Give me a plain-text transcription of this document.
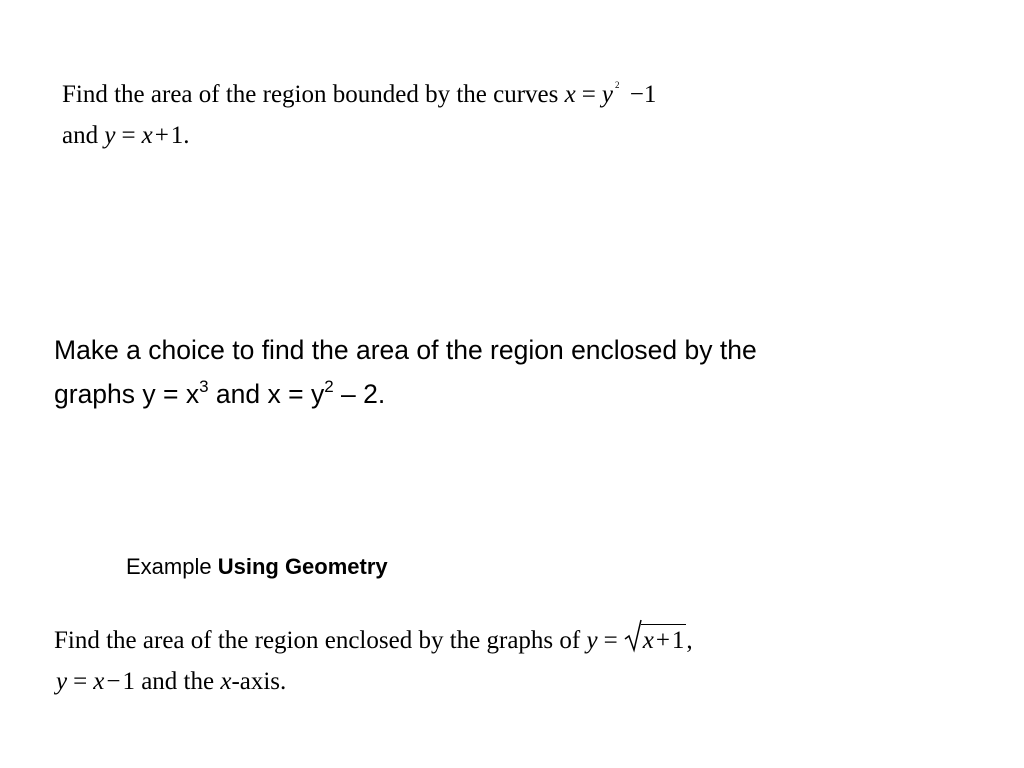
Find the area of the region bounded by the curves x = y $^2$ −1
and y = x+1.
Make a choice to find the area of the region enclosed by the
graphs $y = x^3$ and $x = y^2 - 2$.
Example Using Geometry
Find the area of the region enclosed by the graphs of y = x+1,
y = x−1 and the x-axis.
